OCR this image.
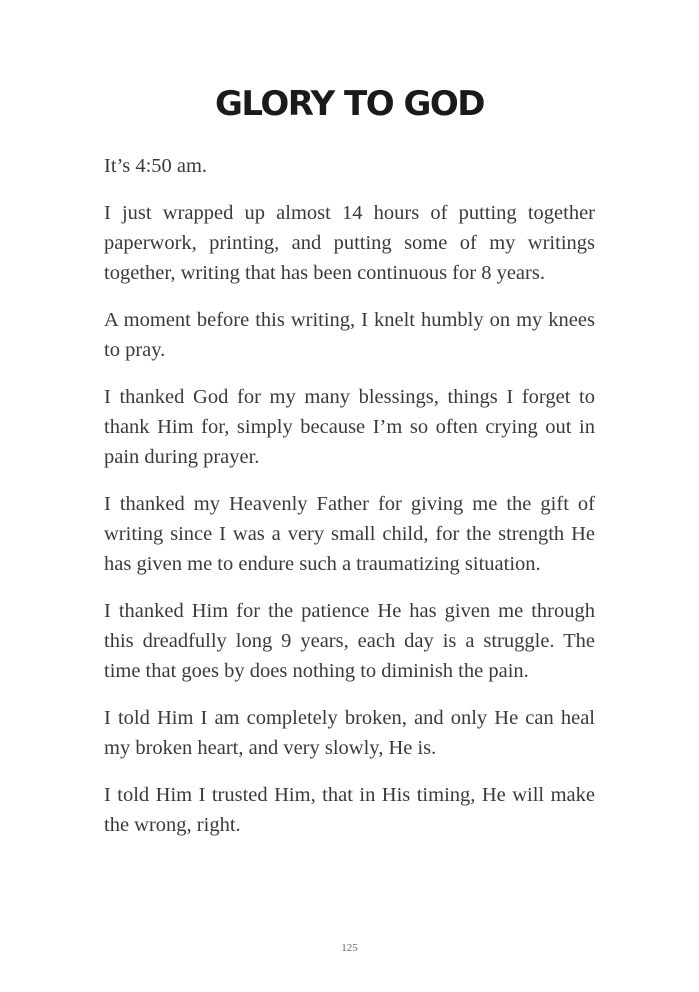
GLORY TO GOD

It’s 4:50 am.

I just wrapped up almost 14 hours of putting together paperwork, printing, and putting some of my writings together, writing that has been continuous for 8 years.

A moment before this writing, I knelt humbly on my knees to pray.

I thanked God for my many blessings, things I forget to thank Him for, simply because I’m so often crying out in pain during prayer.

I thanked my Heavenly Father for giving me the gift of writing since I was a very small child, for the strength He has given me to endure such a traumatizing situation.

I thanked Him for the patience He has given me through this dreadfully long 9 years, each day is a struggle. The time that goes by does nothing to diminish the pain.

I told Him I am completely broken, and only He can heal my broken heart, and very slowly, He is.

I told Him I trusted Him, that in His timing, He will make the wrong, right.

125
